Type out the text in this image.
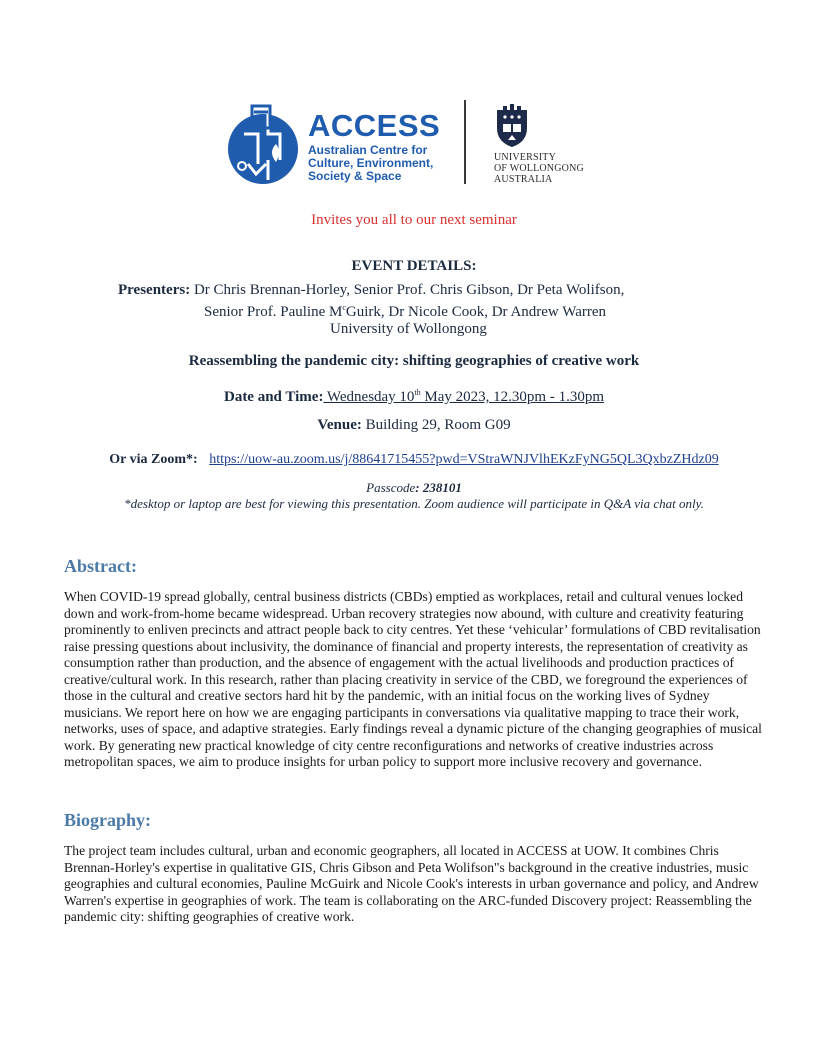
ACCESS
Australian Centre for
Culture, Environment,
Society & Space
UNIVERSITY
OF WOLLONGONG
AUSTRALIA
Invites you all to our next seminar
EVENT DETAILS:
Presenters: Dr Chris Brennan-Horley, Senior Prof. Chris Gibson, Dr Peta Wolifson,
Senior Prof. Pauline $M^cGuirk$, Dr Nicole Cook, Dr Andrew Warren
University of Wollongong
Reassembling the pandemic city: shifting geographies of creative work
Date and Time: Wednesday 10th May 2023, 12.30pm - 1.30pm
Venue: Building 29, Room G09
Or via Zoom*: https://uow-au.zoom.us/j/88641715455?pwd=VStraWNJVlhEKzFyNG5QL3QxbzZHdz09
Passcode: 238101
*desktop or laptop are best for viewing this presentation. Zoom audience will participate in Q&A via chat only.
Abstract:
When COVID-19 spread globally, central business districts (CBDs) emptied as workplaces, retail and cultural venues locked down and work-from-home became widespread. Urban recovery strategies now abound, with culture and creativity featuring prominently to enliven precincts and attract people back to city centres. Yet these ‘vehicular’ formulations of CBD revitalisation raise pressing questions about inclusivity, the dominance of financial and property interests, the representation of creativity as consumption rather than production, and the absence of engagement with the actual livelihoods and production practices of creative/cultural work. In this research, rather than placing creativity in service of the CBD, we foreground the experiences of those in the cultural and creative sectors hard hit by the pandemic, with an initial focus on the working lives of Sydney musicians. We report here on how we are engaging participants in conversations via qualitative mapping to trace their work, networks, uses of space, and adaptive strategies. Early findings reveal a dynamic picture of the changing geographies of musical work. By generating new practical knowledge of city centre reconfigurations and networks of creative industries across metropolitan spaces, we aim to produce insights for urban policy to support more inclusive recovery and governance.
Biography:
The project team includes cultural, urban and economic geographers, all located in ACCESS at UOW. It combines Chris Brennan-Horley's expertise in qualitative GIS, Chris Gibson and Peta Wolifson"s background in the creative industries, music geographies and cultural economies, Pauline McGuirk and Nicole Cook's interests in urban governance and policy, and Andrew Warren's expertise in geographies of work. The team is collaborating on the ARC-funded Discovery project: Reassembling the pandemic city: shifting geographies of creative work.
